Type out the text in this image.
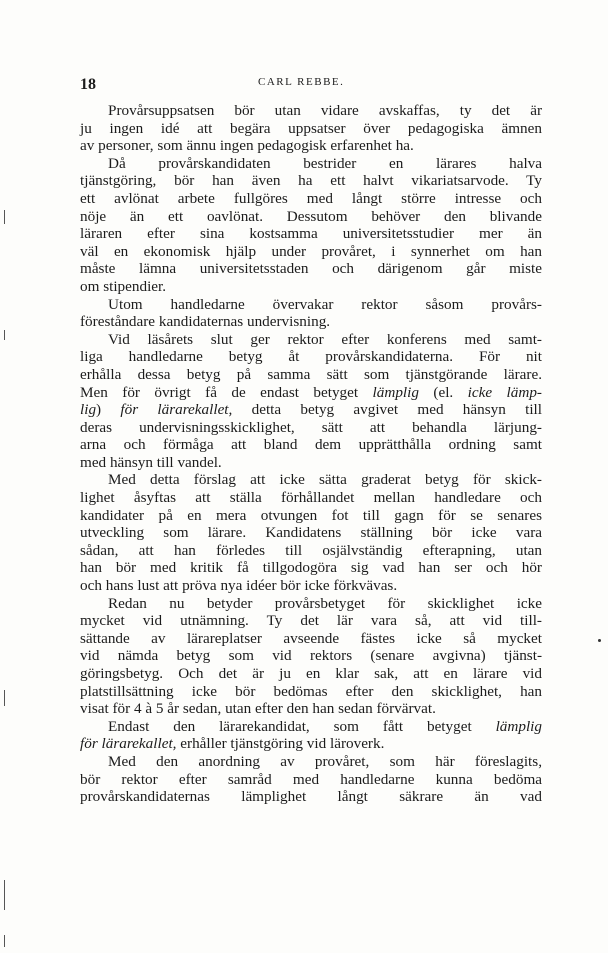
18	CARL REBBE.
Provårsuppsatsen bör utan vidare avskaffas, ty det är
ju ingen idé att begära uppsatser över pedagogiska ämnen
av personer, som ännu ingen pedagogisk erfarenhet ha.
Då provårskandidaten bestrider en lärares halva
tjänstgöring, bör han även ha ett halvt vikariatsarvode. Ty
ett avlönat arbete fullgöres med långt större intresse och
nöje än ett oavlönat. Dessutom behöver den blivande
läraren efter sina kostsamma universitetsstudier mer än
väl en ekonomisk hjälp under provåret, i synnerhet om han
måste lämna universitetsstaden och därigenom går miste
om stipendier.
Utom handledarne övervakar rektor såsom provårs-
föreståndare kandidaternas undervisning.
Vid läsårets slut ger rektor efter konferens med samt-
liga handledarne betyg åt provårskandidaterna. För nit
erhålla dessa betyg på samma sätt som tjänstgörande lärare.
Men för övrigt få de endast betyget lämplig (el. icke lämp-
lig) för lärarekallet, detta betyg avgivet med hänsyn till
deras undervisningsskicklighet, sätt att behandla lärjung-
arna och förmåga att bland dem upprätthålla ordning samt
med hänsyn till vandel.
Med detta förslag att icke sätta graderat betyg för skick-
lighet åsyftas att ställa förhållandet mellan handledare och
kandidater på en mera otvungen fot till gagn för se senares
utveckling som lärare. Kandidatens ställning bör icke vara
sådan, att han förledes till osjälvständig efterapning, utan
han bör med kritik få tillgodogöra sig vad han ser och hör
och hans lust att pröva nya idéer bör icke förkvävas.
Redan nu betyder provårsbetyget för skicklighet icke
mycket vid utnämning. Ty det lär vara så, att vid till-
sättande av lärareplatser avseende fästes icke så mycket
vid nämda betyg som vid rektors (senare avgivna) tjänst-
göringsbetyg. Och det är ju en klar sak, att en lärare vid
platstillsättning icke bör bedömas efter den skicklighet, han
visat för 4 à 5 år sedan, utan efter den han sedan förvärvat.
Endast den lärarekandidat, som fått betyget lämplig
för lärarekallet, erhåller tjänstgöring vid läroverk.
Med den anordning av provåret, som här föreslagits,
bör rektor efter samråd med handledarne kunna bedöma
provårskandidaternas lämplighet långt säkrare än vad
